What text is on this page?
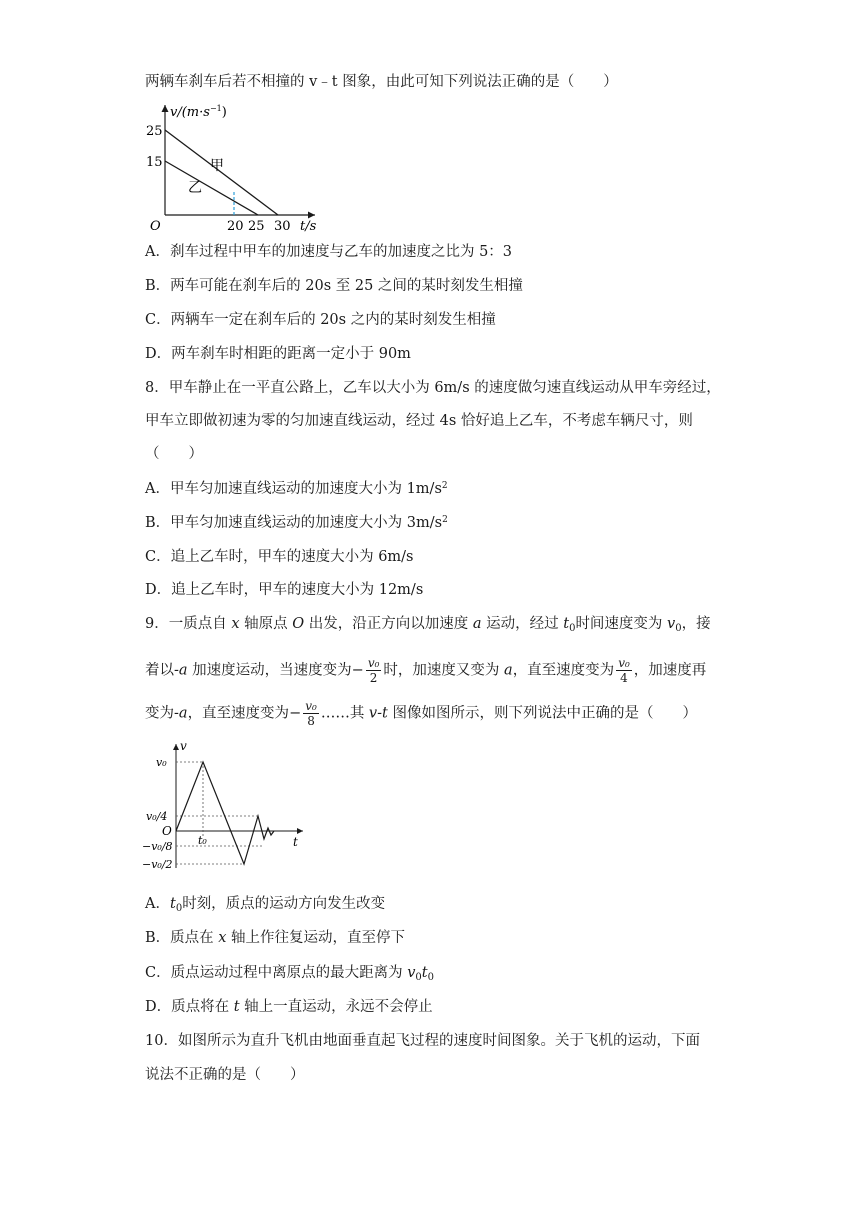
两辆车刹车后若不相撞的 v﹣t 图象，由此可知下列说法正确的是（　　）
$v/(m\cdot s^{-1})$
25
15
O	20 25 30 t/s
甲
乙
A．刹车过程中甲车的加速度与乙车的加速度之比为 5：3
B．两车可能在刹车后的 20s 至 25 之间的某时刻发生相撞
C．两辆车一定在刹车后的 20s 之内的某时刻发生相撞
D．两车刹车时相距的距离一定小于 90m
8．甲车静止在一平直公路上，乙车以大小为 6m/s 的速度做匀速直线运动从甲车旁经过，
甲车立即做初速为零的匀加速直线运动，经过 4s 恰好追上乙车，不考虑车辆尺寸，则
（　　）
A．甲车匀加速直线运动的加速度大小为 $1m/s^2$
B．甲车匀加速直线运动的加速度大小为 $3m/s^2$
C．追上乙车时，甲车的速度大小为 6m/s
D．追上乙车时，甲车的速度大小为 12m/s
9．一质点自 x 轴原点 O 出发，沿正方向以加速度 a 运动，经过 $t_0$时间速度变为 $v_0$，接
着以-a 加速度运动，当速度变为− $\frac{\text{v₀}}{2}$ 时，加速度又变为 a，直至速度变为 $\frac{\text{v₀}}{4}$ ，加速度再
变为-a，直至速度变为− $\frac{\text{v₀}}{8}$ ……其 v-t 图像如图所示，则下列说法中正确的是（　　）
v
t
O
v₀
v₀/4
−v₀/8
−v₀/2
t₀
A．$t_0$时刻，质点的运动方向发生改变
B．质点在 x 轴上作往复运动，直至停下
C．质点运动过程中离原点的最大距离为 $v_0t_0$
D．质点将在 t 轴上一直运动，永远不会停止
10．如图所示为直升飞机由地面垂直起飞过程的速度时间图象。关于飞机的运动，下面
说法不正确的是（　　）
